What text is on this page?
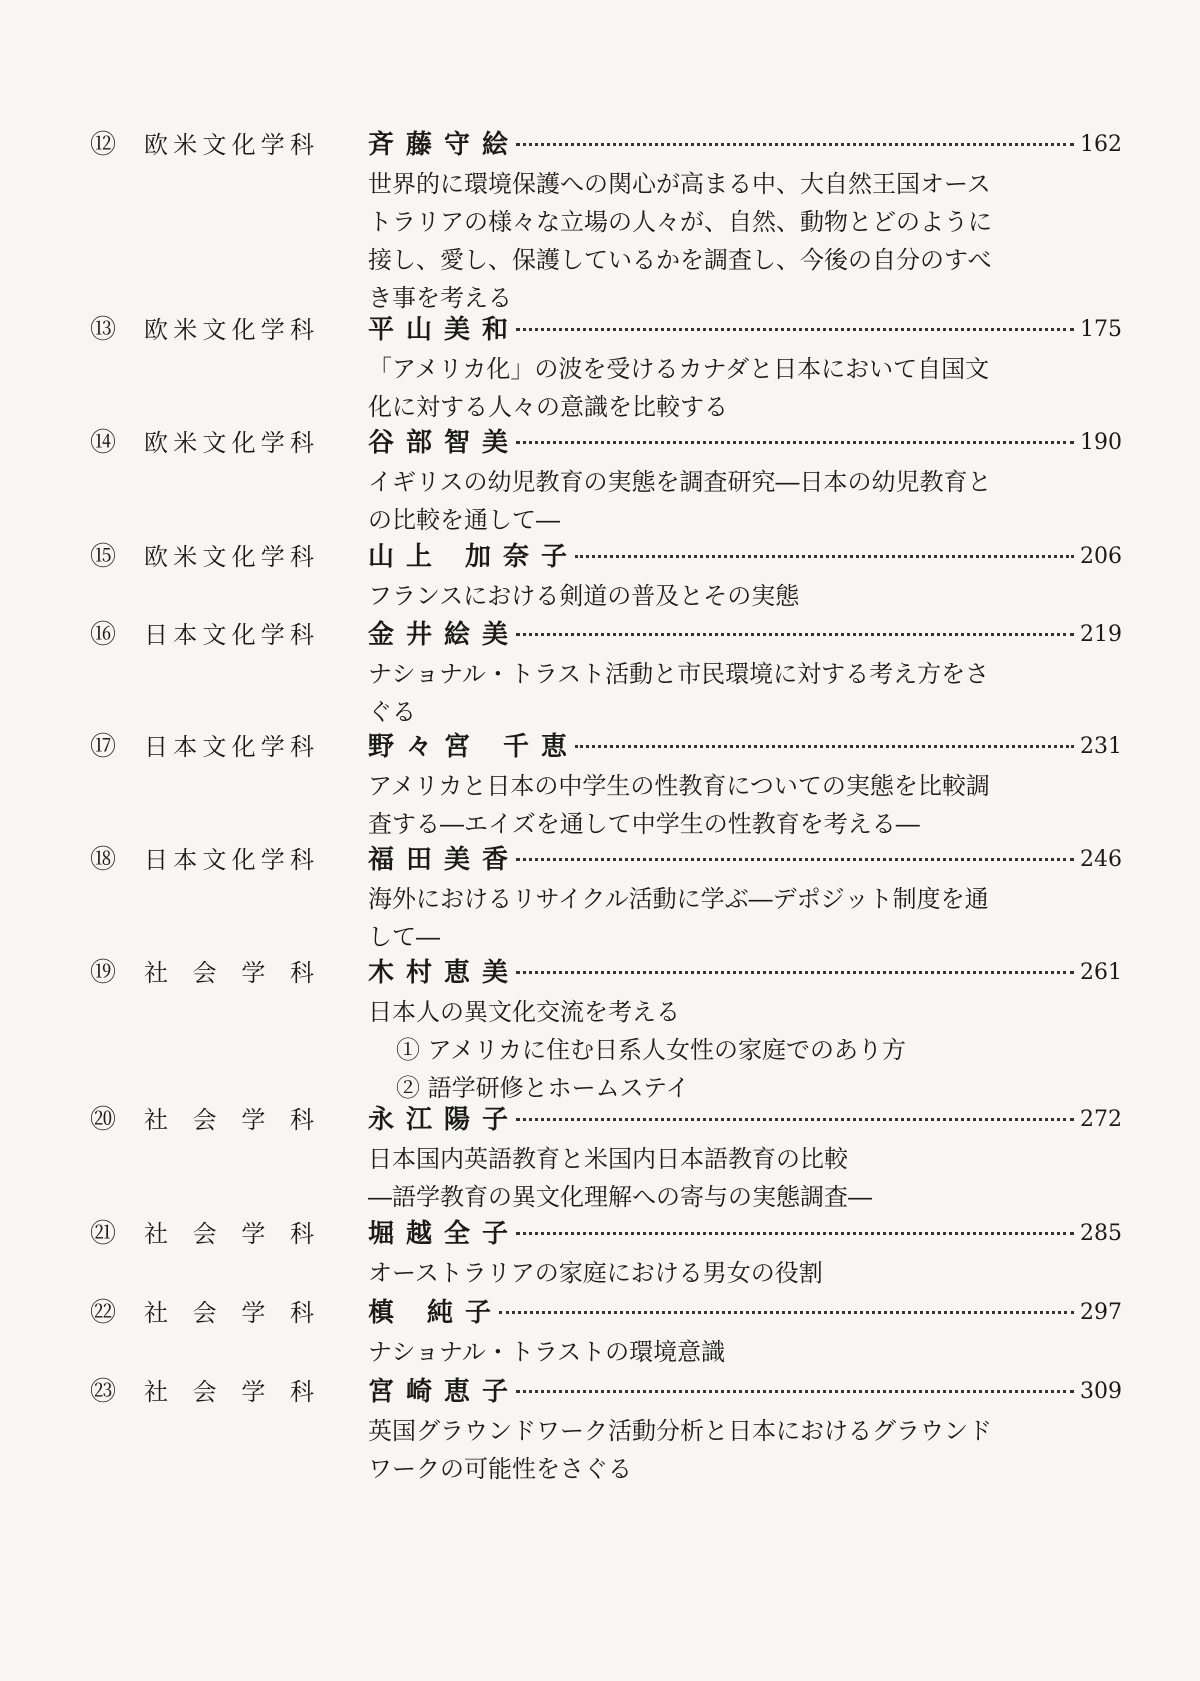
⑫	欧米文化学科 斉藤守絵	162
世界的に環境保護への関心が高まる中、大自然王国オース
トラリアの様々な立場の人々が、自然、動物とどのように
接し、愛し、保護しているかを調査し、今後の自分のすべ
き事を考える
⑬	欧米文化学科 平山美和	175
「アメリカ化」の波を受けるカナダと日本において自国文
化に対する人々の意識を比較する
⑭	欧米文化学科 谷部智美	190
イギリスの幼児教育の実態を調査研究―日本の幼児教育と
の比較を通して―
⑮	欧米文化学科 山上 加奈子	206
フランスにおける剣道の普及とその実態
⑯	日本文化学科 金井絵美	219
ナショナル・トラスト活動と市民環境に対する考え方をさ
ぐる
⑰	日本文化学科 野々宮 千恵	231
アメリカと日本の中学生の性教育についての実態を比較調
査する―エイズを通して中学生の性教育を考える―
⑱	日本文化学科 福田美香	246
海外におけるリサイクル活動に学ぶ―デポジット制度を通
して―
⑲	社会学科 木村恵美	261
日本人の異文化交流を考える
① アメリカに住む日系人女性の家庭でのあり方
② 語学研修とホームステイ
⑳	社会学科 永江陽子	272
日本国内英語教育と米国内日本語教育の比較
―語学教育の異文化理解への寄与の実態調査―
㉑	社会学科 堀越全子	285
オーストラリアの家庭における男女の役割
㉒	社会学科 槙 純子	297
ナショナル・トラストの環境意識
㉓	社会学科 宮崎恵子	309
英国グラウンドワーク活動分析と日本におけるグラウンド
ワークの可能性をさぐる
